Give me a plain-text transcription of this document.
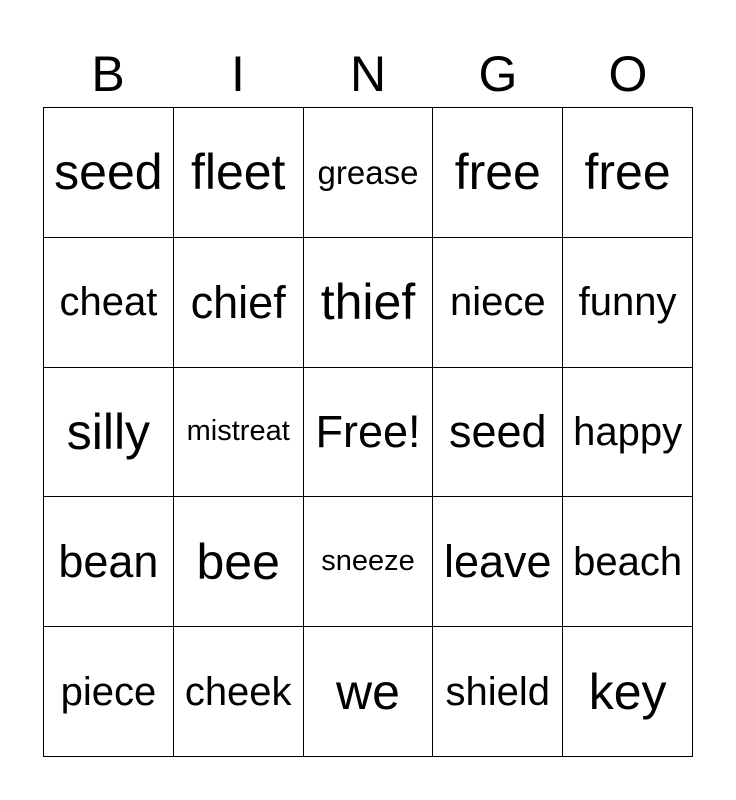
B	I	N	G	O
seed fleet grease free free
cheat chief thief niece funny
silly	mistreat Free! seed happy
bean bee	sneeze leave beach
piece cheek we	shield key
